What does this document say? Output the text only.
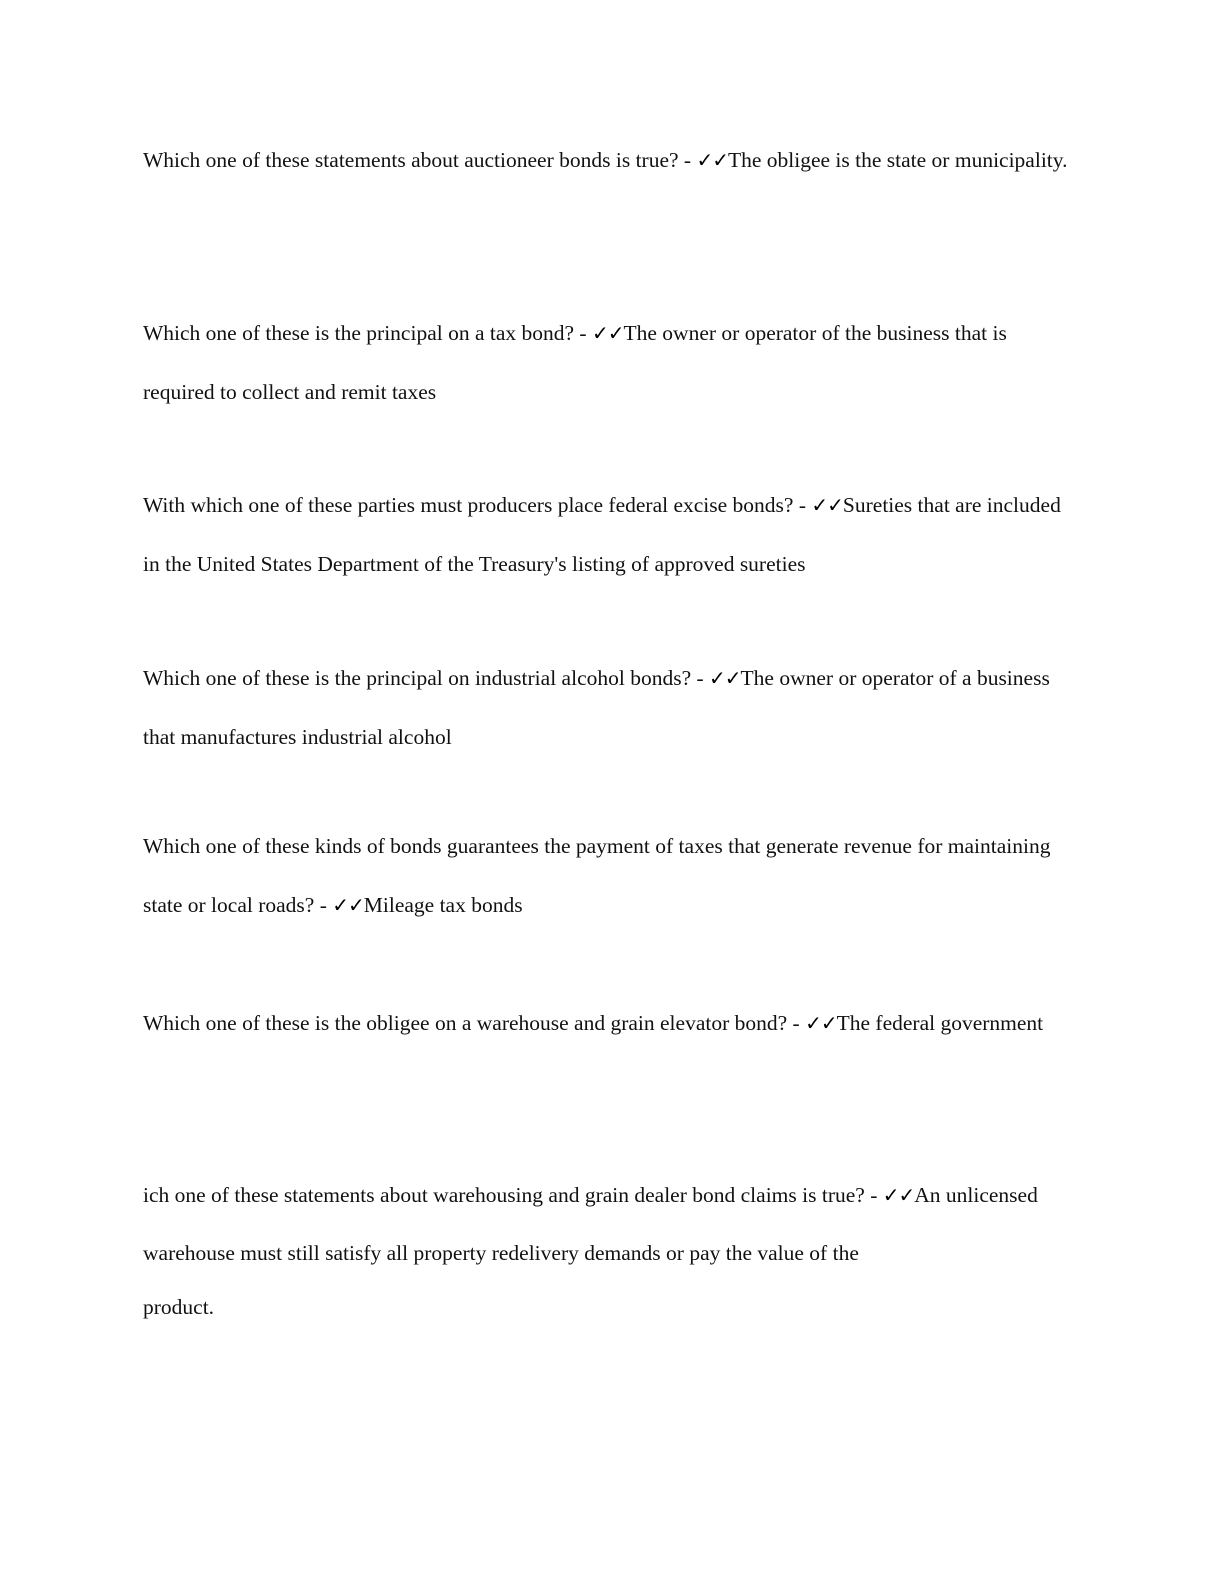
Which one of these statements about auctioneer bonds is true? - ✓✓The obligee is the state or municipality.

Which one of these is the principal on a tax bond? - ✓✓The owner or operator of the business that is required to collect and remit taxes

With which one of these parties must producers place federal excise bonds? - ✓✓Sureties that are included in the United States Department of the Treasury's listing of approved sureties

Which one of these is the principal on industrial alcohol bonds? - ✓✓The owner or operator of a business that manufactures industrial alcohol

Which one of these kinds of bonds guarantees the payment of taxes that generate revenue for maintaining state or local roads? - ✓✓Mileage tax bonds

Which one of these is the obligee on a warehouse and grain elevator bond? - ✓✓The federal government

ich one of these statements about warehousing and grain dealer bond claims is true? - ✓✓An unlicensed warehouse must still satisfy all property redelivery demands or pay the value of the
product.
